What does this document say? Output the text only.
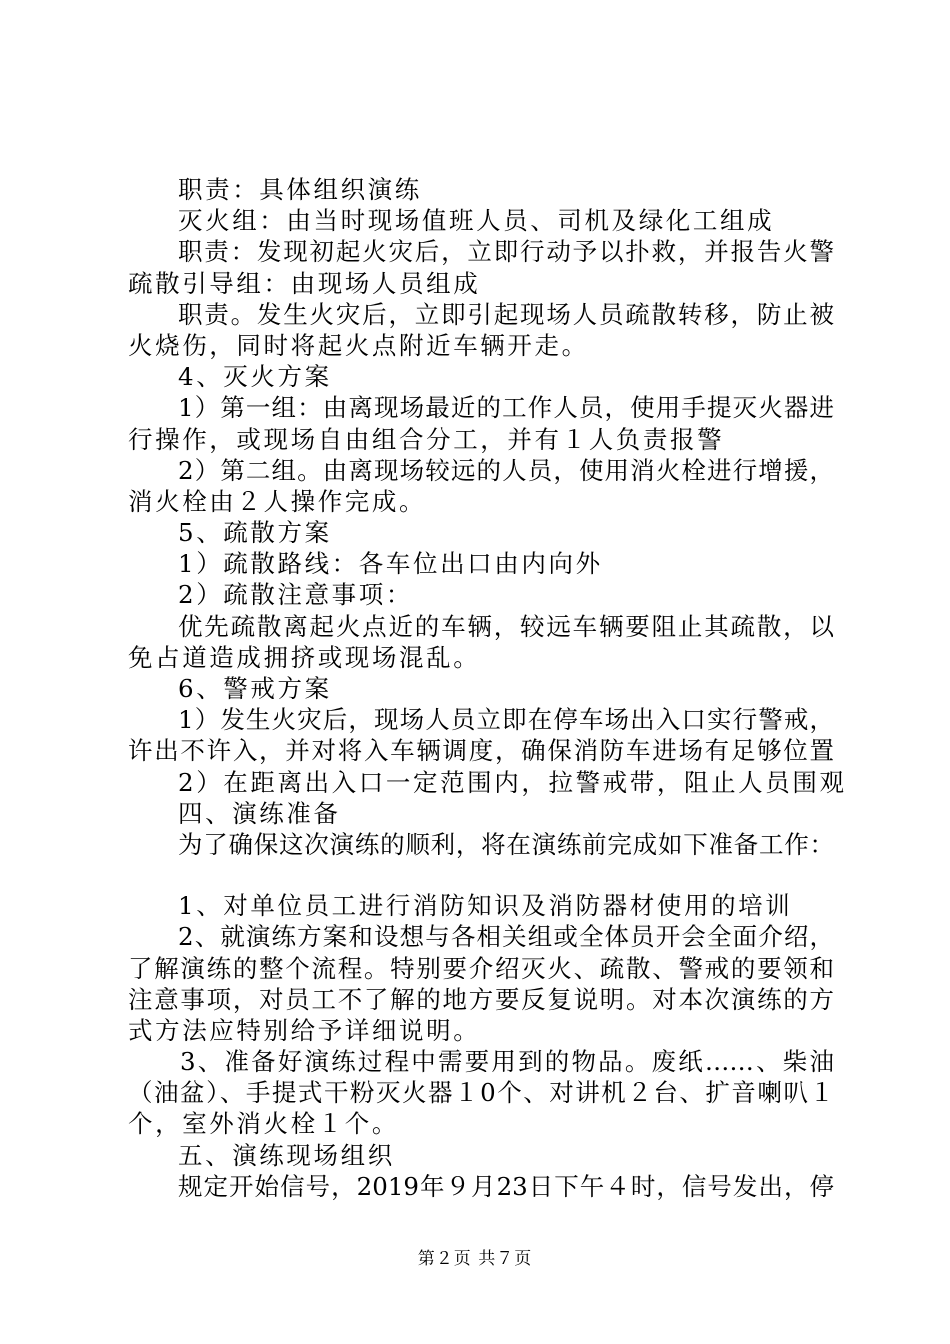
职责：具体组织演练
灭火组：由当时现场值班人员、司机及绿化工组成
职责：发现初起火灾后，立即行动予以扑救，并报告火警
疏散引导组：由现场人员组成
职责。发生火灾后，立即引起现场人员疏散转移，防止被
火烧伤，同时将起火点附近车辆开走。
4、灭火方案
1）第一组：由离现场最近的工作人员，使用手提灭火器进
行操作，或现场自由组合分工，并有１人负责报警
2）第二组。由离现场较远的人员，使用消火栓进行增援，
消火栓由２人操作完成。
5、疏散方案
1）疏散路线：各车位出口由内向外
2）疏散注意事项：
优先疏散离起火点近的车辆，较远车辆要阻止其疏散，以
免占道造成拥挤或现场混乱。
6、警戒方案
1）发生火灾后，现场人员立即在停车场出入口实行警戒，
许出不许入，并对将入车辆调度，确保消防车进场有足够位置
2）在距离出入口一定范围内，拉警戒带，阻止人员围观
四、演练准备
为了确保这次演练的顺利，将在演练前完成如下准备工作：
1、对单位员工进行消防知识及消防器材使用的培训
2、就演练方案和设想与各相关组或全体员开会全面介绍，
了解演练的整个流程。特别要介绍灭火、疏散、警戒的要领和
注意事项，对员工不了解的地方要反复说明。对本次演练的方
式方法应特别给予详细说明。
3、准备好演练过程中需要用到的物品。废纸……、柴油
（油盆）、手提式干粉灭火器１0个、对讲机２台、扩音喇叭１
个，室外消火栓１个。
五、演练现场组织
规定开始信号，2019年９月23日下午４时，信号发出，停
第２页 共７页
